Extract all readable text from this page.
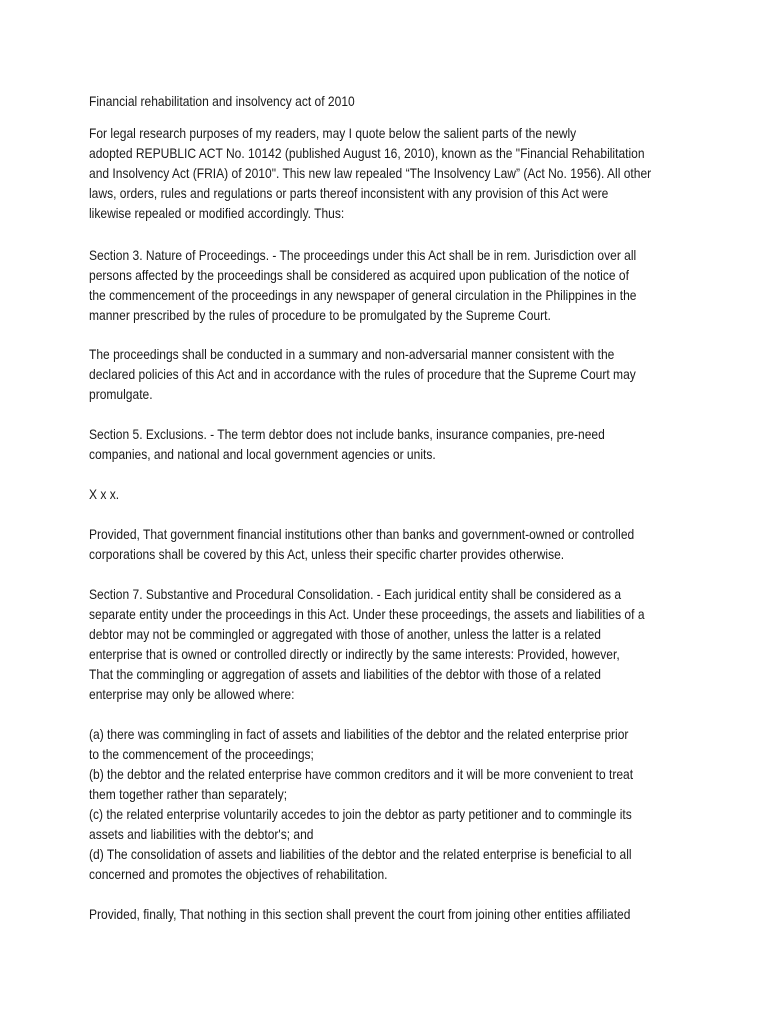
Financial rehabilitation and insolvency act of 2010
For legal research purposes of my readers, may I quote below the salient parts of the newly
adopted REPUBLIC ACT No. 10142 (published August 16, 2010), known as the "Financial Rehabilitation
and Insolvency Act (FRIA) of 2010". This new law repealed “The Insolvency Law” (Act No. 1956). All other
laws, orders, rules and regulations or parts thereof inconsistent with any provision of this Act were
likewise repealed or modified accordingly. Thus:
Section 3. Nature of Proceedings. - The proceedings under this Act shall be in rem. Jurisdiction over all
persons affected by the proceedings shall be considered as acquired upon publication of the notice of
the commencement of the proceedings in any newspaper of general circulation in the Philippines in the
manner prescribed by the rules of procedure to be promulgated by the Supreme Court.
The proceedings shall be conducted in a summary and non-adversarial manner consistent with the
declared policies of this Act and in accordance with the rules of procedure that the Supreme Court may
promulgate.
Section 5. Exclusions. - The term debtor does not include banks, insurance companies, pre-need
companies, and national and local government agencies or units.
X x x.
Provided, That government financial institutions other than banks and government-owned or controlled
corporations shall be covered by this Act, unless their specific charter provides otherwise.
Section 7. Substantive and Procedural Consolidation. - Each juridical entity shall be considered as a
separate entity under the proceedings in this Act. Under these proceedings, the assets and liabilities of a
debtor may not be commingled or aggregated with those of another, unless the latter is a related
enterprise that is owned or controlled directly or indirectly by the same interests: Provided, however,
That the commingling or aggregation of assets and liabilities of the debtor with those of a related
enterprise may only be allowed where:
(a) there was commingling in fact of assets and liabilities of the debtor and the related enterprise prior
to the commencement of the proceedings;
(b) the debtor and the related enterprise have common creditors and it will be more convenient to treat
them together rather than separately;
(c) the related enterprise voluntarily accedes to join the debtor as party petitioner and to commingle its
assets and liabilities with the debtor's; and
(d) The consolidation of assets and liabilities of the debtor and the related enterprise is beneficial to all
concerned and promotes the objectives of rehabilitation.
Provided, finally, That nothing in this section shall prevent the court from joining other entities affiliated
